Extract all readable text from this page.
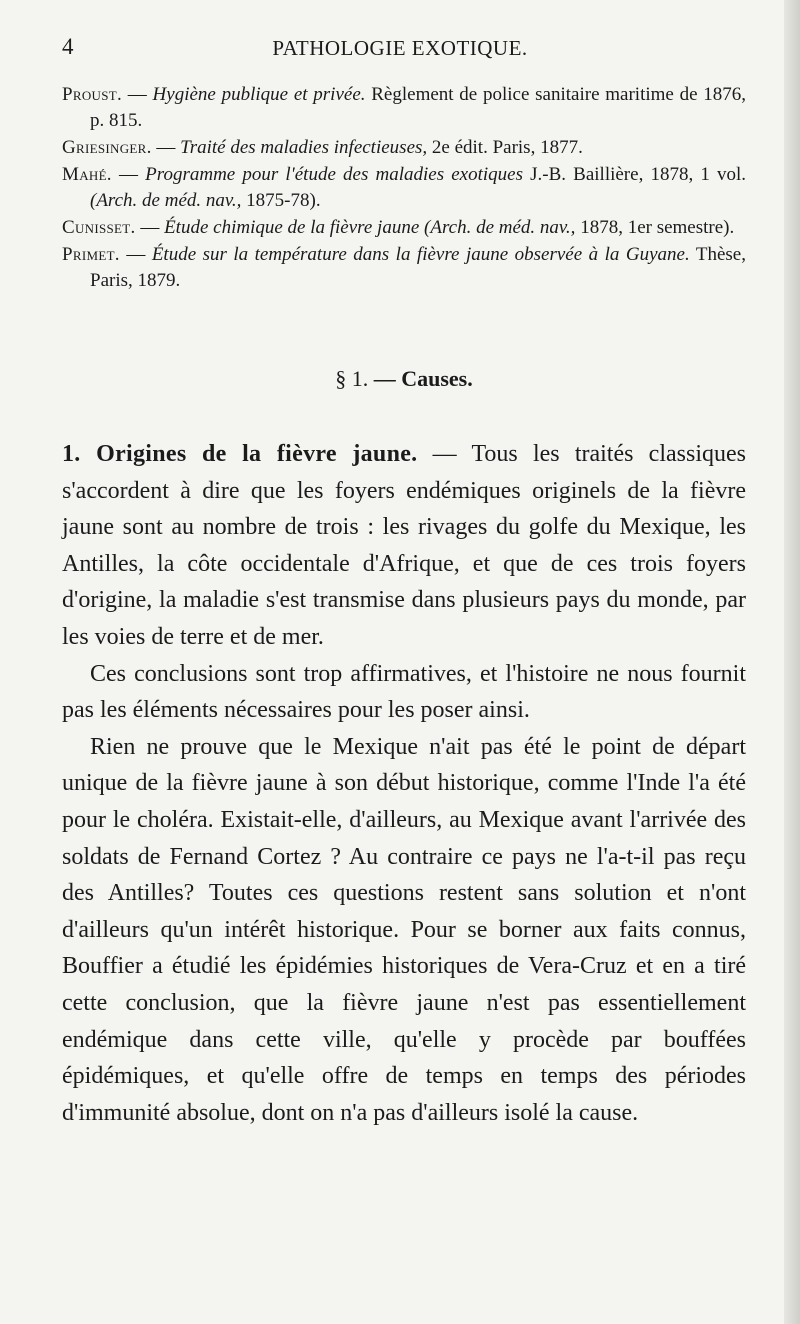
4	PATHOLOGIE EXOTIQUE.

Proust. — Hygiène publique et privée. Règlement de police sanitaire maritime de 1876, p. 815.

Griesinger. — Traité des maladies infectieuses, 2e édit. Paris, 1877.

Mahé. — Programme pour l'étude des maladies exotiques J.-B. Baillière, 1878, 1 vol. (Arch. de méd. nav., 1875-78).

Cunisset. — Étude chimique de la fièvre jaune (Arch. de méd. nav., 1878, 1er semestre).

Primet. — Étude sur la température dans la fièvre jaune observée à la Guyane. Thèse, Paris, 1879.

§ 1. — Causes.

1. Origines de la fièvre jaune. — Tous les traités classiques s'accordent à dire que les foyers endémiques originels de la fièvre jaune sont au nombre de trois : les rivages du golfe du Mexique, les Antilles, la côte occidentale d'Afrique, et que de ces trois foyers d'origine, la maladie s'est transmise dans plusieurs pays du monde, par les voies de terre et de mer.

Ces conclusions sont trop affirmatives, et l'histoire ne nous fournit pas les éléments nécessaires pour les poser ainsi.

Rien ne prouve que le Mexique n'ait pas été le point de départ unique de la fièvre jaune à son début historique, comme l'Inde l'a été pour le choléra. Existait-elle, d'ailleurs, au Mexique avant l'arrivée des soldats de Fernand Cortez ? Au contraire ce pays ne l'a-t-il pas reçu des Antilles? Toutes ces questions restent sans solution et n'ont d'ailleurs qu'un intérêt historique. Pour se borner aux faits connus, Bouffier a étudié les épidémies historiques de Vera-Cruz et en a tiré cette conclusion, que la fièvre jaune n'est pas essentiellement endémique dans cette ville, qu'elle y procède par bouffées épidémiques, et qu'elle offre de temps en temps des périodes d'immunité absolue, dont on n'a pas d'ailleurs isolé la cause.
